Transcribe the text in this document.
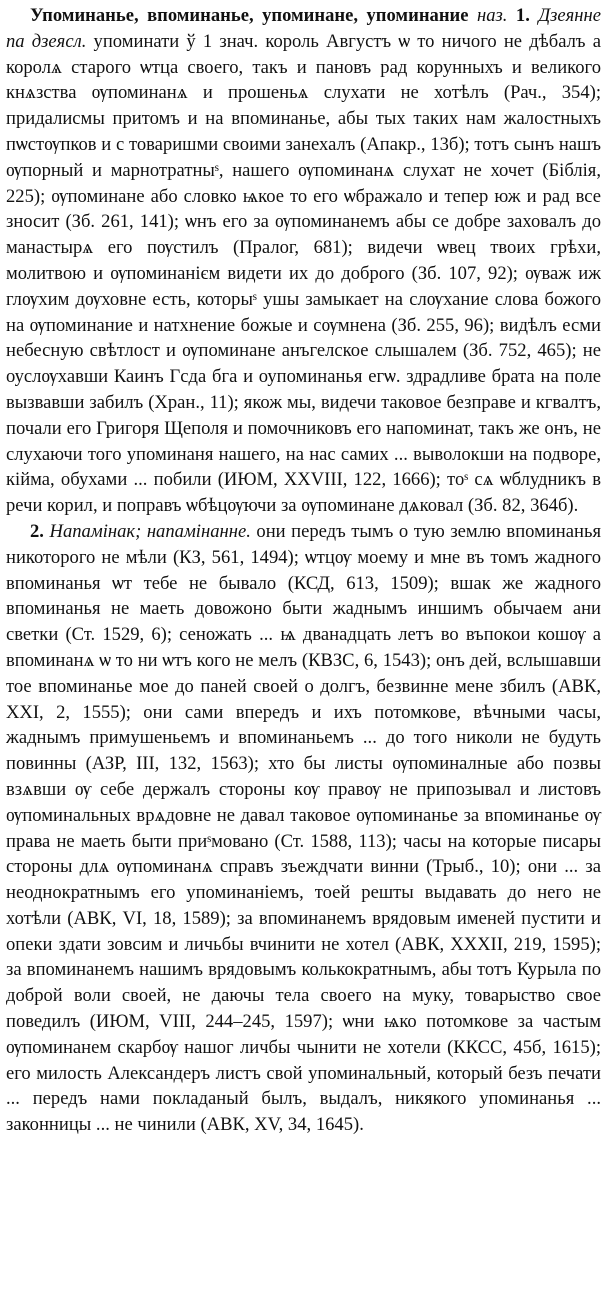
Упоминанье, впоминанье, упоминане, упоминание наз. 1. Дзеянне па дзеясл. упоминати ў 1 знач. король Августъ ѡ то ничого не дѣбалъ а королѧ старого ѡтца своего, такъ и пановъ рад корунныхъ и великого кнѧзства ѹпоминанѧ и прошеньѧ слухати не хотѣлъ (Рач., 354); придалисмы притомъ и на впоминанье, абы тых таких нам жалостныхъ пѡстѹпков и с товаришми своими занехалъ (Апакр., 13б); тотъ сынъ нашъ ѹпорный и марнотратныˢ, нашего ѹпоминанѧ слухат не хочет (Біблія, 225); ѹпоминане або словко ѩкое то его ѡбражало и тепер юж и рад все зносит (Зб. 261, 141); ѡнъ его за ѹпоминанемъ абы се добре заховалъ до манастырѧ его пѹстилъ (Пралог, 681); видечи ѡвец твоих грѣхи, молитвою и ѹпоминанієм видети их до доброго (Зб. 107, 92); ѹваж иж глѹхим дѹховне есть, которыˢ ушы замыкает на слѹхание слова божого на ѹпоминание и натхнение божые и сѹмнена (Зб. 255, 96); видѣлъ есми небесную свѣтлост и ѹпоминане анъгелское слышалем (Зб. 752, 465); не оуслѹхавши Каинъ Гсда бга и оупоминанья егѡ. здрадливе брата на поле вызвавши забилъ (Хран., 11); якож мы, видечи таковое безправе и кгвалтъ, почали его Григоря Щеполя и помочниковъ его напоминат, такъ же онъ, не слухаючи того упоминаня нашего, на нас самих ... выволокши на подворе, кійма, обухами ... побили (ИЮМ, XXVIII, 122, 1666); тоˢ сѧ ѡблудникъ в речи корил, и поправъ ѡбѣцѹючи за ѹпоминане дѧковал (Зб. 82, 364б).

2. Напамінак; напамінанне. они передъ тымъ о тую землю впоминанья никоторого не мѣли (КЗ, 561, 1494); ѡтцѹ моему и мне въ томъ жадного впоминанья ѡт тебе не бывало (КСД, 613, 1509); вшак же жадного впоминанья не маеть довожоно быти жаднымъ иншимъ обычаем ани светки (Ст. 1529, 6); сеножать ... ѩ дванадцать летъ во въпокои кошѹ а впоминанѧ ѡ то ни ѡтъ кого не мелъ (КВЗС, 6, 1543); онъ дей, вслышавши тое впоминанье мое до паней своей о долгъ, безвинне мене збилъ (АВК, XXI, 2, 1555); они сами впередъ и ихъ потомкове, вѣчными часы, жаднымъ примушеньемъ и впоминаньемъ ... до того николи не будуть повинны (АЗР, III, 132, 1563); хто бы листы ѹпоминалные або позвы взѧвши ѹ себе держалъ стороны кѹ правѹ не припозывал и листовъ ѹпоминальных врѧдовне не давал таковое ѹпоминанье за впоминанье ѹ права не маеть быти приˢмовано (Ст. 1588, 113); часы на которые писары стороны длѧ ѹпоминанѧ справъ зъеждчати винни (Трыб., 10); они ... за неоднократнымъ его упоминанiемъ, тоей решты выдавать до него не хотѣли (АВК, VI, 18, 1589); за впоминанемъ врядовым именей пустити и опеки здати зовсим и личьбы вчинити не хотел (АВК, XXXII, 219, 1595); за впоминанемъ нашимъ врядовымъ колькократнымъ, абы тотъ Курыла по доброй воли своей, не даючы тела своего на муку, товарыство свое поведилъ (ИЮМ, VIII, 244–245, 1597); ѡни ѩко потомкове за частым ѹпоминанем скарбѹ нашог личбы чынити не хотели (ККСС, 45б, 1615); его милость Александеръ листъ свой упоминальный, который безъ печати ... передъ нами покладаный былъ, выдалъ, никякого упоминанья ... законницы ... не чинили (АВК, XV, 34, 1645).
